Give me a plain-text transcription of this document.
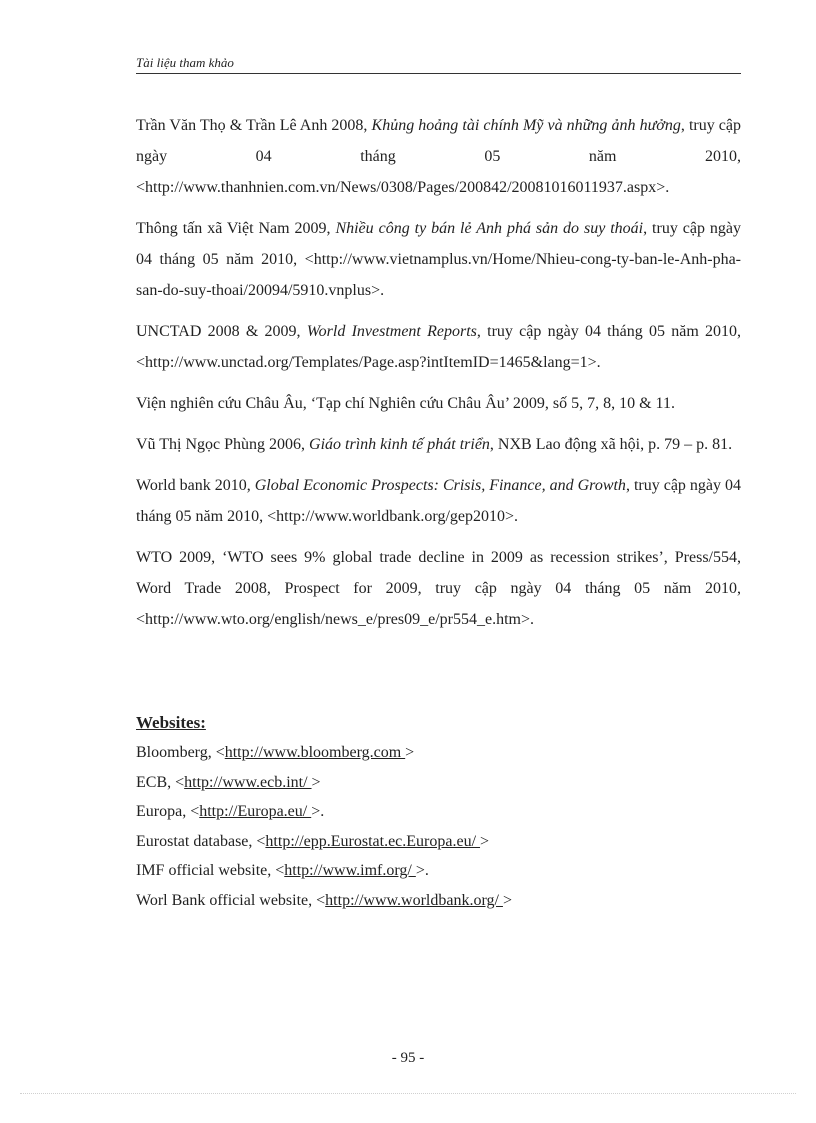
Tài liệu tham khảo

Trần Văn Thọ & Trần Lê Anh 2008, Khủng hoảng tài chính Mỹ và những ảnh hưởng, truy cập ngày 04 tháng 05 năm 2010, <http://www.thanhnien.com.vn/News/0308/Pages/200842/20081016011937.aspx>.

Thông tấn xã Việt Nam 2009, Nhiều công ty bán lẻ Anh phá sản do suy thoái, truy cập ngày 04 tháng 05 năm 2010, <http://www.vietnamplus.vn/Home/Nhieu-cong-ty-ban-le-Anh-pha-san-do-suy-thoai/20094/5910.vnplus>.

UNCTAD 2008 & 2009, World Investment Reports, truy cập ngày 04 tháng 05 năm 2010, <http://www.unctad.org/Templates/Page.asp?intItemID=1465&lang=1>.

Viện nghiên cứu Châu Âu, ‘Tạp chí Nghiên cứu Châu Âu’ 2009, số 5, 7, 8, 10 & 11.

Vũ Thị Ngọc Phùng 2006, Giáo trình kinh tế phát triển, NXB Lao động xã hội, p. 79 – p. 81.

World bank 2010, Global Economic Prospects: Crisis, Finance, and Growth, truy cập ngày 04 tháng 05 năm 2010, <http://www.worldbank.org/gep2010>.

WTO 2009, ‘WTO sees 9% global trade decline in 2009 as recession strikes’, Press/554, Word Trade 2008, Prospect for 2009, truy cập ngày 04 tháng 05 năm 2010, <http://www.wto.org/english/news_e/pres09_e/pr554_e.htm>.

Websites:
Bloomberg, <http://www.bloomberg.com >
ECB, <http://www.ecb.int/ >
Europa, <http://Europa.eu/ >.
Eurostat database, <http://epp.Eurostat.ec.Europa.eu/ >
IMF official website, <http://www.imf.org/ >.
Worl Bank official website, <http://www.worldbank.org/ >
- 95 -
